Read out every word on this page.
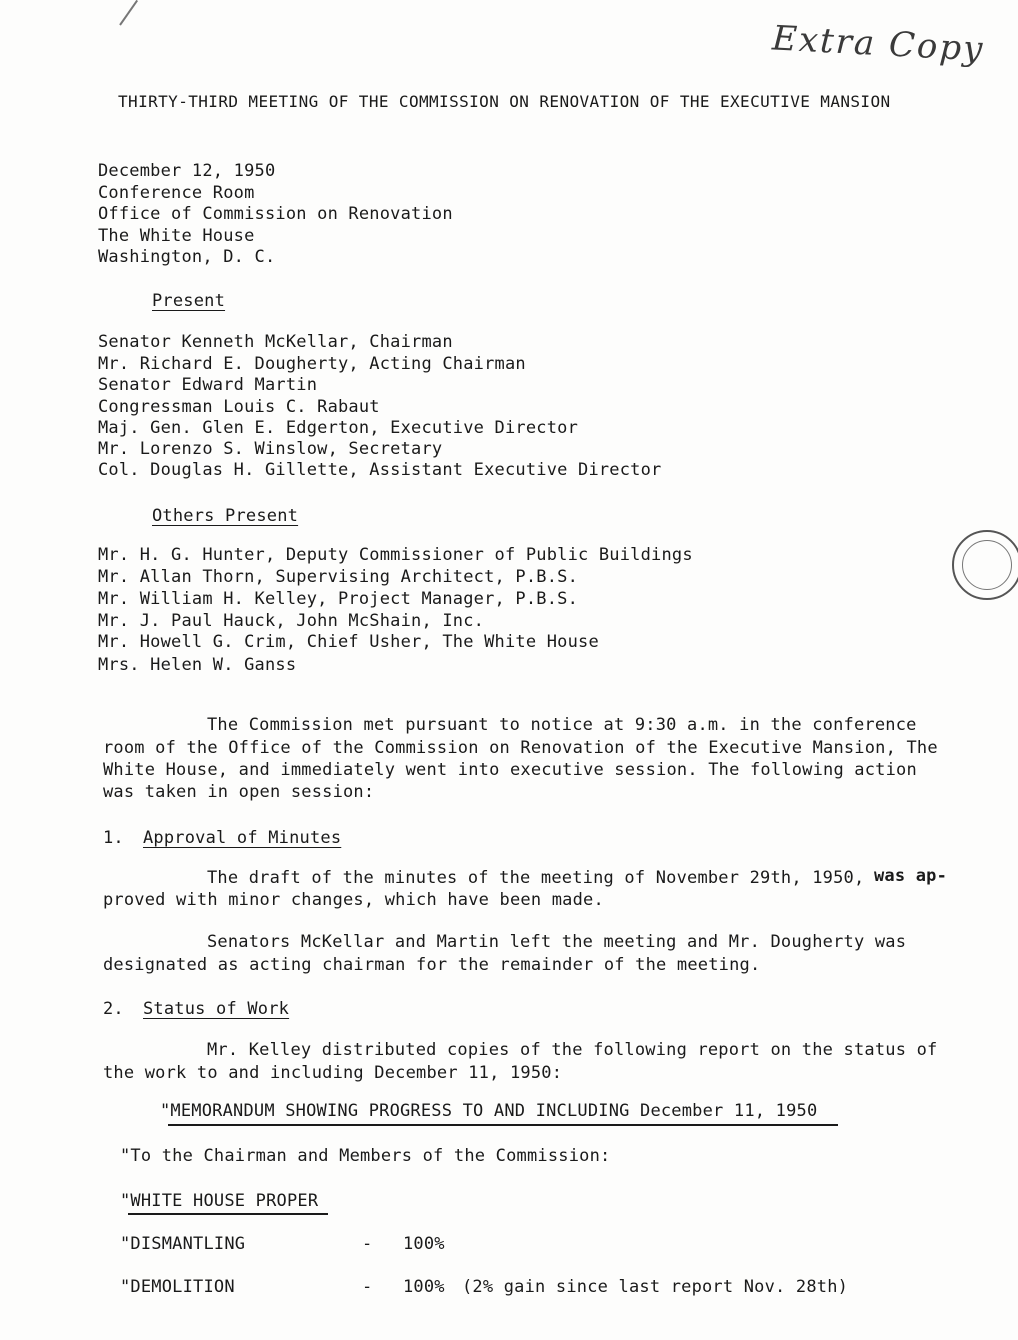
Extra Copy
THIRTY-THIRD MEETING OF THE COMMISSION ON RENOVATION OF THE EXECUTIVE MANSION
December 12, 1950
Conference Room
Office of Commission on Renovation
The White House
Washington, D. C.
Present
Senator Kenneth McKellar, Chairman
Mr. Richard E. Dougherty, Acting Chairman
Senator Edward Martin
Congressman Louis C. Rabaut
Maj. Gen. Glen E. Edgerton, Executive Director
Mr. Lorenzo S. Winslow, Secretary
Col. Douglas H. Gillette, Assistant Executive Director
Others Present
Mr. H. G. Hunter, Deputy Commissioner of Public Buildings
Mr. Allan Thorn, Supervising Architect, P.B.S.
Mr. William H. Kelley, Project Manager, P.B.S.
Mr. J. Paul Hauck, John McShain, Inc.
Mr. Howell G. Crim, Chief Usher, The White House
Mrs. Helen W. Ganss
The Commission met pursuant to notice at 9:30 a.m. in the conference
room of the Office of the Commission on Renovation of the Executive Mansion, The
White House, and immediately went into executive session. The following action
was taken in open session:
1. Approval of Minutes
The draft of the minutes of the meeting of November 29th, 1950, was ap-
proved with minor changes, which have been made.
Senators McKellar and Martin left the meeting and Mr. Dougherty was
designated as acting chairman for the remainder of the meeting.
2. Status of Work
Mr. Kelley distributed copies of the following report on the status of
the work to and including December 11, 1950:
"MEMORANDUM SHOWING PROGRESS TO AND INCLUDING December 11, 1950
"To the Chairman and Members of the Commission:
"WHITE HOUSE PROPER
"DISMANTLING	- 100%
"DEMOLITION	- 100% (2% gain since last report Nov. 28th)
